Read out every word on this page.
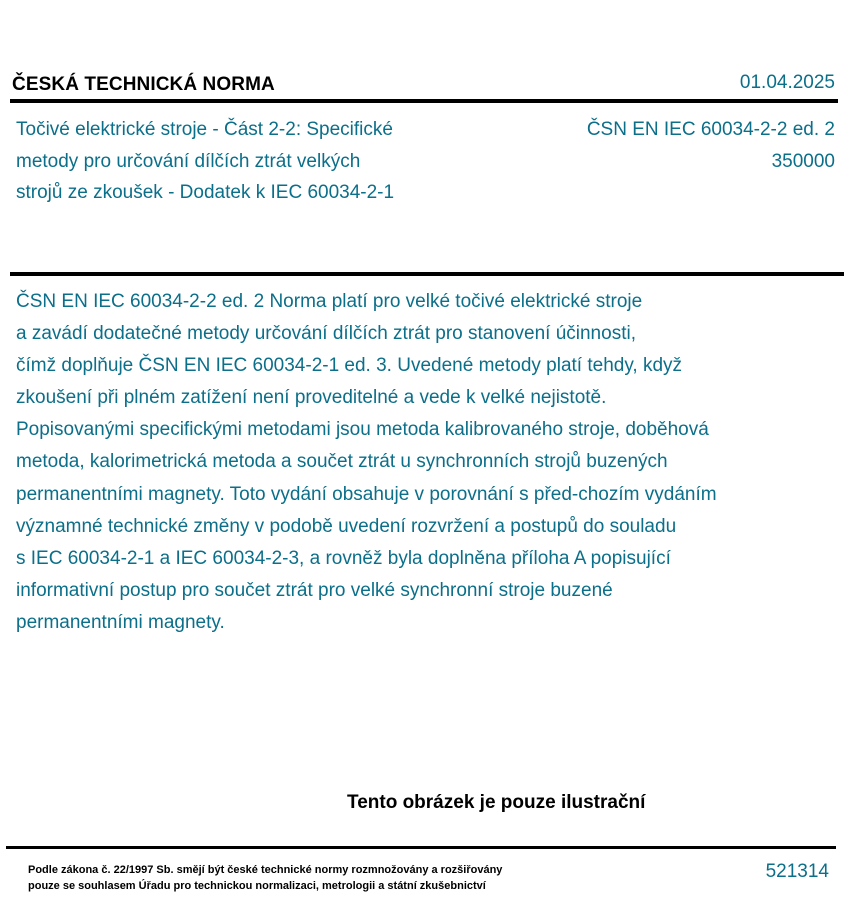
ČESKÁ TECHNICKÁ NORMA	01.04.2025
Točivé elektrické stroje - Část 2-2: Specifické
metody pro určování dílčích ztrát velkých
strojů ze zkoušek - Dodatek k IEC 60034-2-1
ČSN EN IEC 60034-2-2 ed. 2
350000
ČSN EN IEC 60034-2-2 ed. 2 Norma platí pro velké točivé elektrické stroje
a zavádí dodatečné metody určování dílčích ztrát pro stanovení účinnosti,
čímž doplňuje ČSN EN IEC 60034-2-1 ed. 3. Uvedené metody platí tehdy, když
zkoušení při plném zatížení není proveditelné a vede k velké nejistotě.
Popisovanými specifickými metodami jsou metoda kalibrovaného stroje, doběhová
metoda, kalorimetrická metoda a součet ztrát u synchronních strojů buzených
permanentními magnety. Toto vydání obsahuje v porovnání s před-chozím vydáním
významné technické změny v podobě uvedení rozvržení a postupů do souladu
s IEC 60034-2-1 a IEC 60034-2-3, a rovněž byla doplněna příloha A popisující
informativní postup pro součet ztrát pro velké synchronní stroje buzené
permanentními magnety.
Tento obrázek je pouze ilustrační
Podle zákona č. 22/1997 Sb. smějí být české technické normy rozmnožovány a rozšiřovány
pouze se souhlasem Úřadu pro technickou normalizaci, metrologii a státní zkušebnictví
521314
